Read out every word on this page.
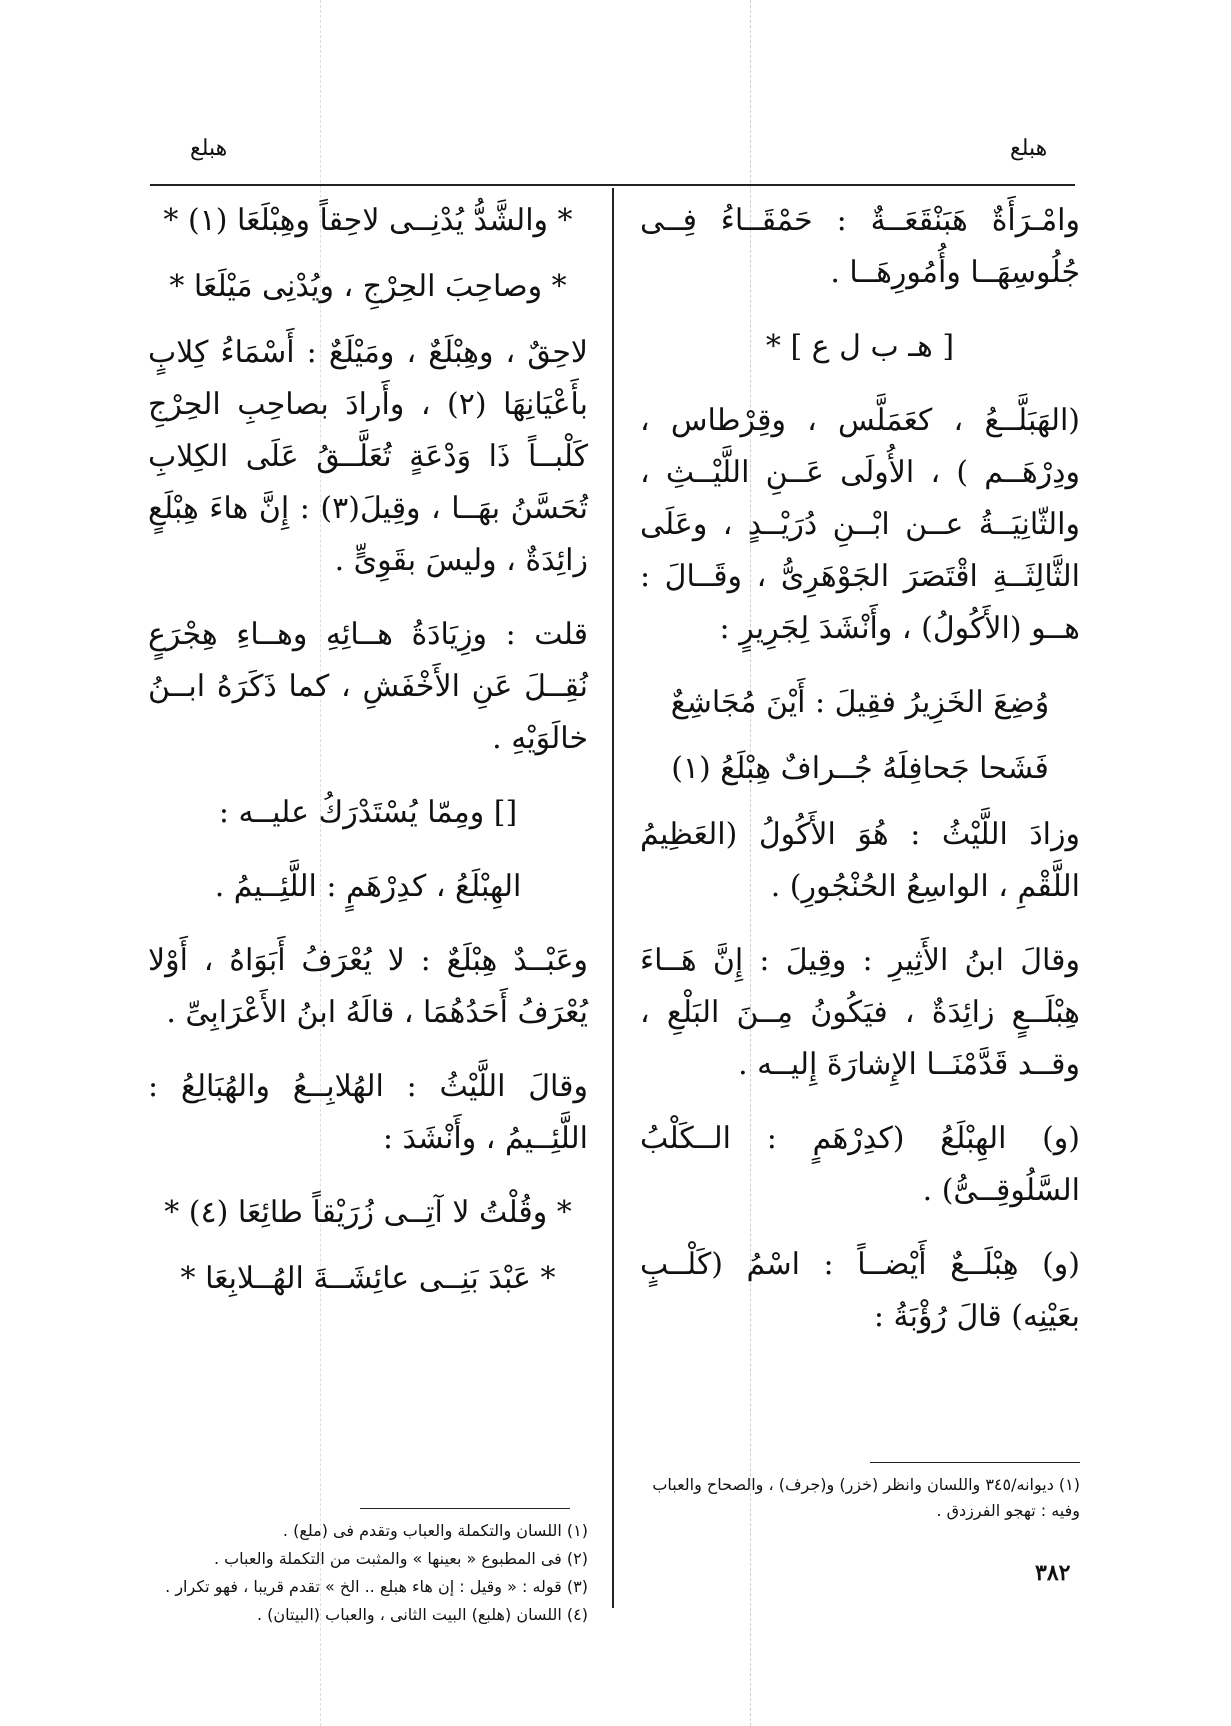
هبلع
هبلع

وامْـرَأَةٌ هَبَنْقَعَــةٌ : حَمْقَــاءُ فِــى جُلُوسِهَــا وأُمُورِهَــا .

[ هـ ب ل ع ] *

(الهَبَلَّــعُ ، كعَمَلَّس ، وقِرْطاس ، ودِرْهَــم ) ، الأُولَى عَــنِ اللَّيْــثِ ، والثّانِيَــةُ عــن ابْــنِ دُرَيْــدٍ ، وعَلَى الثَّالِثَــةِ اقْتَصَرَ الجَوْهَرِىُّ ، وقَــالَ : هــو (الأَكُولُ) ، وأَنْشَدَ لِجَرِيرٍ :

وُضِعَ الخَزِيرُ فقِيلَ : أَيْنَ مُجَاشِعٌ

فَشَحا جَحافِلَهُ جُــرافٌ هِبْلَعُ (١)

وزادَ اللَّيْثُ : هُوَ الأَكُولُ (العَظِيمُ اللَّقْمِ ، الواسِعُ الحُنْجُورِ) .

وقالَ ابنُ الأَثِيرِ : وقِيلَ : إِنَّ هَــاءَ هِبْلَــعٍ زائِدَةٌ ، فيَكُونُ مِــنَ البَلْعِ ، وقــد قَدَّمْنَــا الإِشارَةَ إِليــه .

(و) الهِبْلَعُ (كدِرْهَمٍ : الــكَلْبُ السَّلُوقِــىُّ) .

(و) هِبْلَــعٌ أَيْضــاً : اسْمُ (كَلْــبٍ بعَيْنِه) قالَ رُؤْبَةُ :

* والشَّدُّ يُدْنِــى لاحِقاً وهِبْلَعَا (١) *

* وصاحِبَ الحِرْجِ ، ويُدْنِى مَيْلَعَا *

لاحِقٌ ، وهِبْلَعٌ ، ومَيْلَعٌ : أَسْمَاءُ كِلابٍ بأَعْيَانِهَا (٢) ، وأَرادَ بصاحِبِ الحِرْجِ كَلْبــاً ذَا وَدْعَةٍ تُعَلَّــقُ عَلَى الكِلابِ تُحَسَّنُ بهَــا ، وقِيلَ(٣) : إِنَّ هاءَ هِبْلَعٍ زائِدَةٌ ، وليسَ بقَوِىٍّ .

قلت : وزِيَادَةُ هــائِهِ وهــاءِ هِجْرَعٍ نُقِــلَ عَنِ الأَخْفَشِ ، كما ذَكَرَهُ ابــنُ خالَوَيْهِ .

[] ومِمّا يُسْتَدْرَكُ عليــه :

الهِبْلَعُ ، كدِرْهَمٍ : اللَّئِــيمُ .

وعَبْــدٌ هِبْلَعٌ : لا يُعْرَفُ أَبَوَاهُ ، أَوْلا يُعْرَفُ أَحَدُهُمَا ، قالَهُ ابنُ الأَعْرَابِىِّ .

وقالَ اللَّيْثُ : الهُلابِــعُ والهُبَالِعُ : اللَّئِــيمُ ، وأَنْشَدَ :

* وقُلْتُ لا آتِــى زُرَيْقاً طائِعَا (٤) *

* عَبْدَ بَنِــى عائِشَــةَ الهُــلابِعَا *

(١) ديوانه/٣٤٥ واللسان وانظر (خزر) و(جرف) ، والصحاح والعباب وفيه : تهجو الفرزدق .

(١) اللسان والتكملة والعباب وتقدم فى (ملع) .

(٢) فى المطبوع « بعينها » والمثبت من التكملة والعباب .

(٣) قوله : « وقيل : إن هاء هبلع .. الخ » تقدم قريبا ، فهو تكرار .

(٤) اللسان (هلبع) البيت الثانى ، والعباب (البيتان) .

٣٨٢
